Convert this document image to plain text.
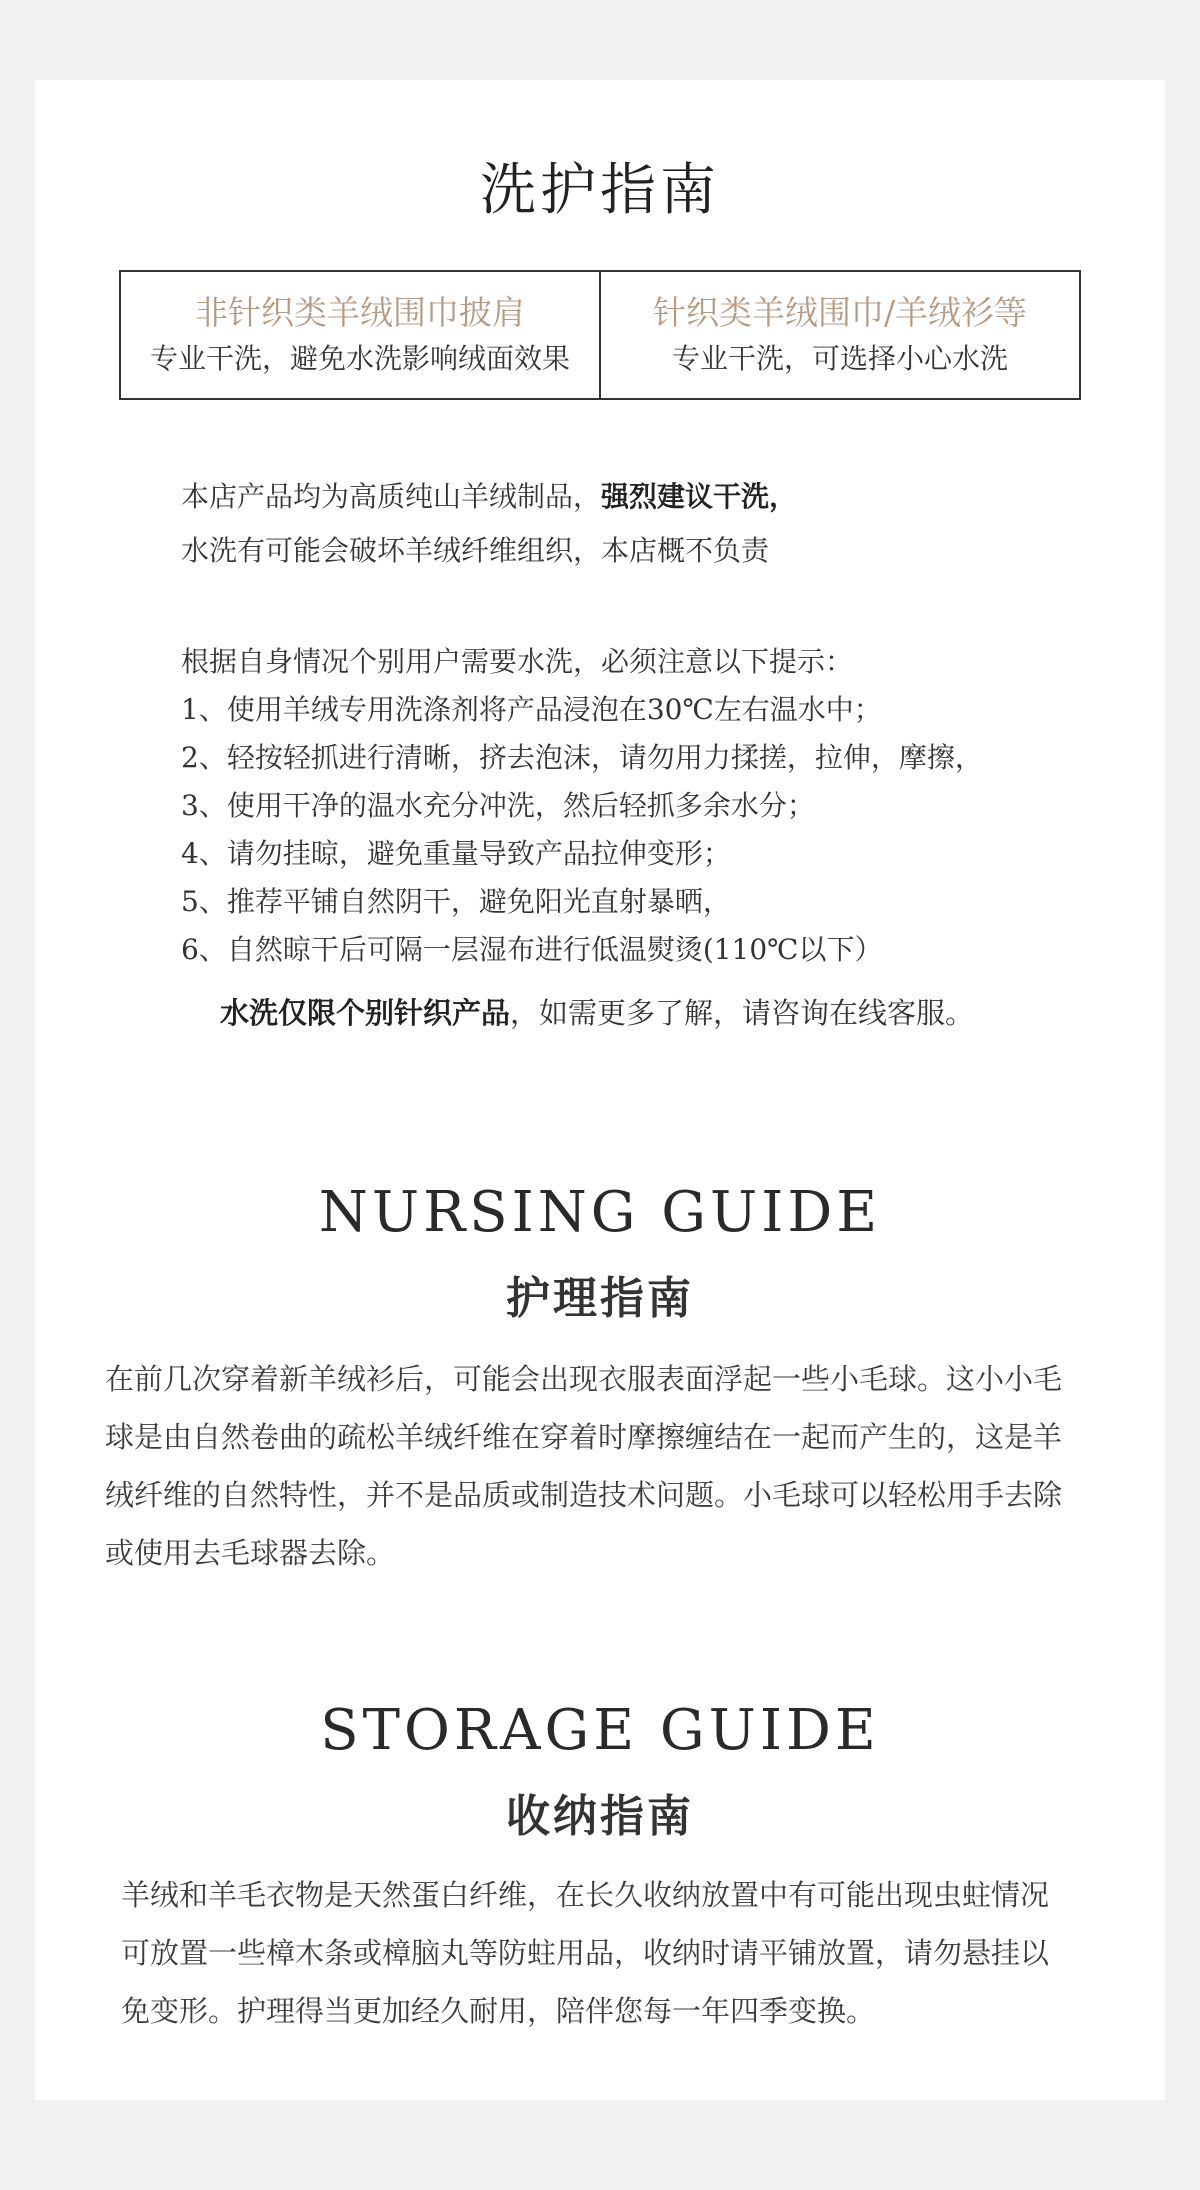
洗护指南
非针织类羊绒围巾披肩
专业干洗，避免水洗影响绒面效果
针织类羊绒围巾/羊绒衫等
专业干洗，可选择小心水洗
本店产品均为高质纯山羊绒制品，强烈建议干洗，
水洗有可能会破坏羊绒纤维组织，本店概不负责
根据自身情况个别用户需要水洗，必须注意以下提示：
1、使用羊绒专用洗涤剂将产品浸泡在30℃左右温水中；
2、轻按轻抓进行清晰，挤去泡沫，请勿用力揉搓，拉伸，摩擦，
3、使用干净的温水充分冲洗，然后轻抓多余水分；
4、请勿挂晾，避免重量导致产品拉伸变形；
5、推荐平铺自然阴干，避免阳光直射暴晒，
6、自然晾干后可隔一层湿布进行低温熨烫(110℃以下）
水洗仅限个别针织产品，如需更多了解，请咨询在线客服。
NURSING GUIDE
护理指南
在前几次穿着新羊绒衫后，可能会出现衣服表面浮起一些小毛球。这小小毛
球是由自然卷曲的疏松羊绒纤维在穿着时摩擦缠结在一起而产生的，这是羊
绒纤维的自然特性，并不是品质或制造技术问题。小毛球可以轻松用手去除
或使用去毛球器去除。
STORAGE GUIDE
收纳指南
羊绒和羊毛衣物是天然蛋白纤维，在长久收纳放置中有可能出现虫蛀情况
可放置一些樟木条或樟脑丸等防蛀用品，收纳时请平铺放置，请勿悬挂以
免变形。护理得当更加经久耐用，陪伴您每一年四季变换。
